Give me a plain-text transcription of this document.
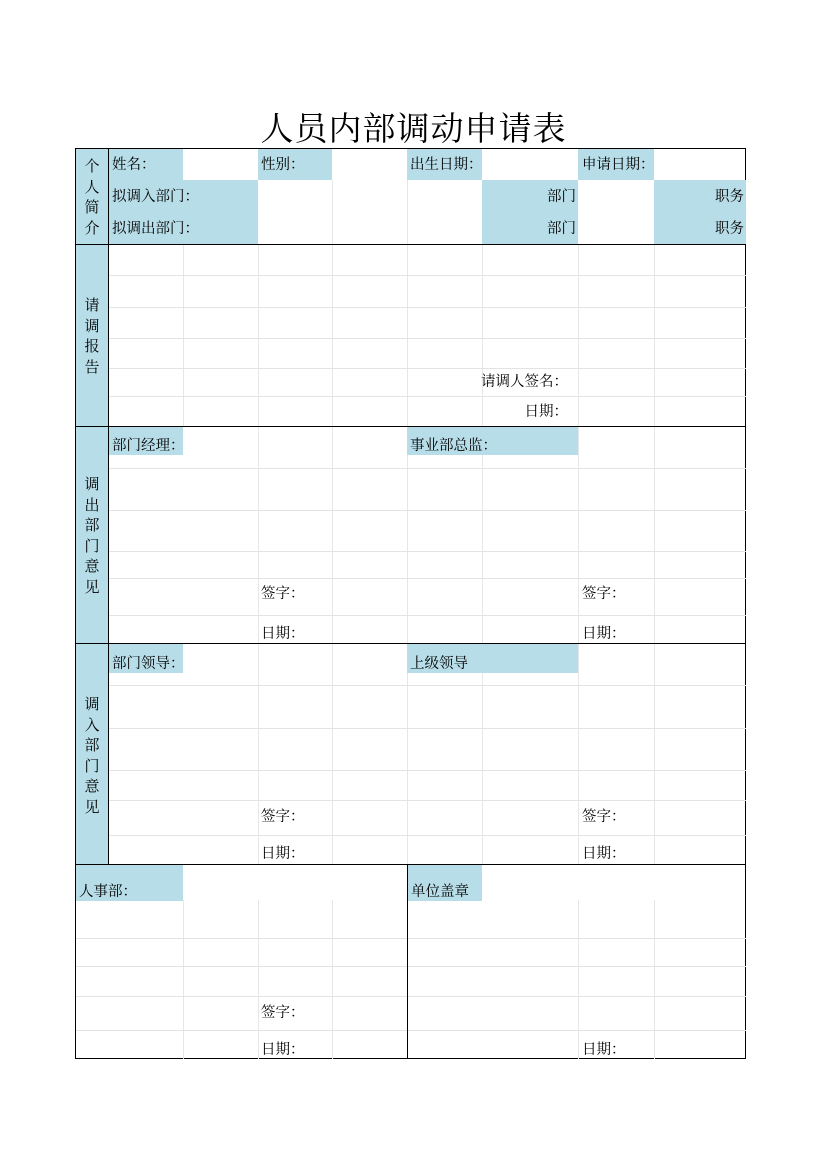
人员内部调动申请表
个
人
简
介
姓名：	性别：	出生日期：	申请日期：
拟调入部门：	部门	职务
拟调出部门：	部门	职务
请
调
报
告
请调人签名：
日期：
调
出
部
门
意
见
部门经理：	事业部总监：
签字：	签字：
日期：	日期：
调
入
部
门
意
见
部门领导：	上级领导
签字：	签字：
日期：	日期：
人事部：	单位盖章
签字：
日期：	日期：
